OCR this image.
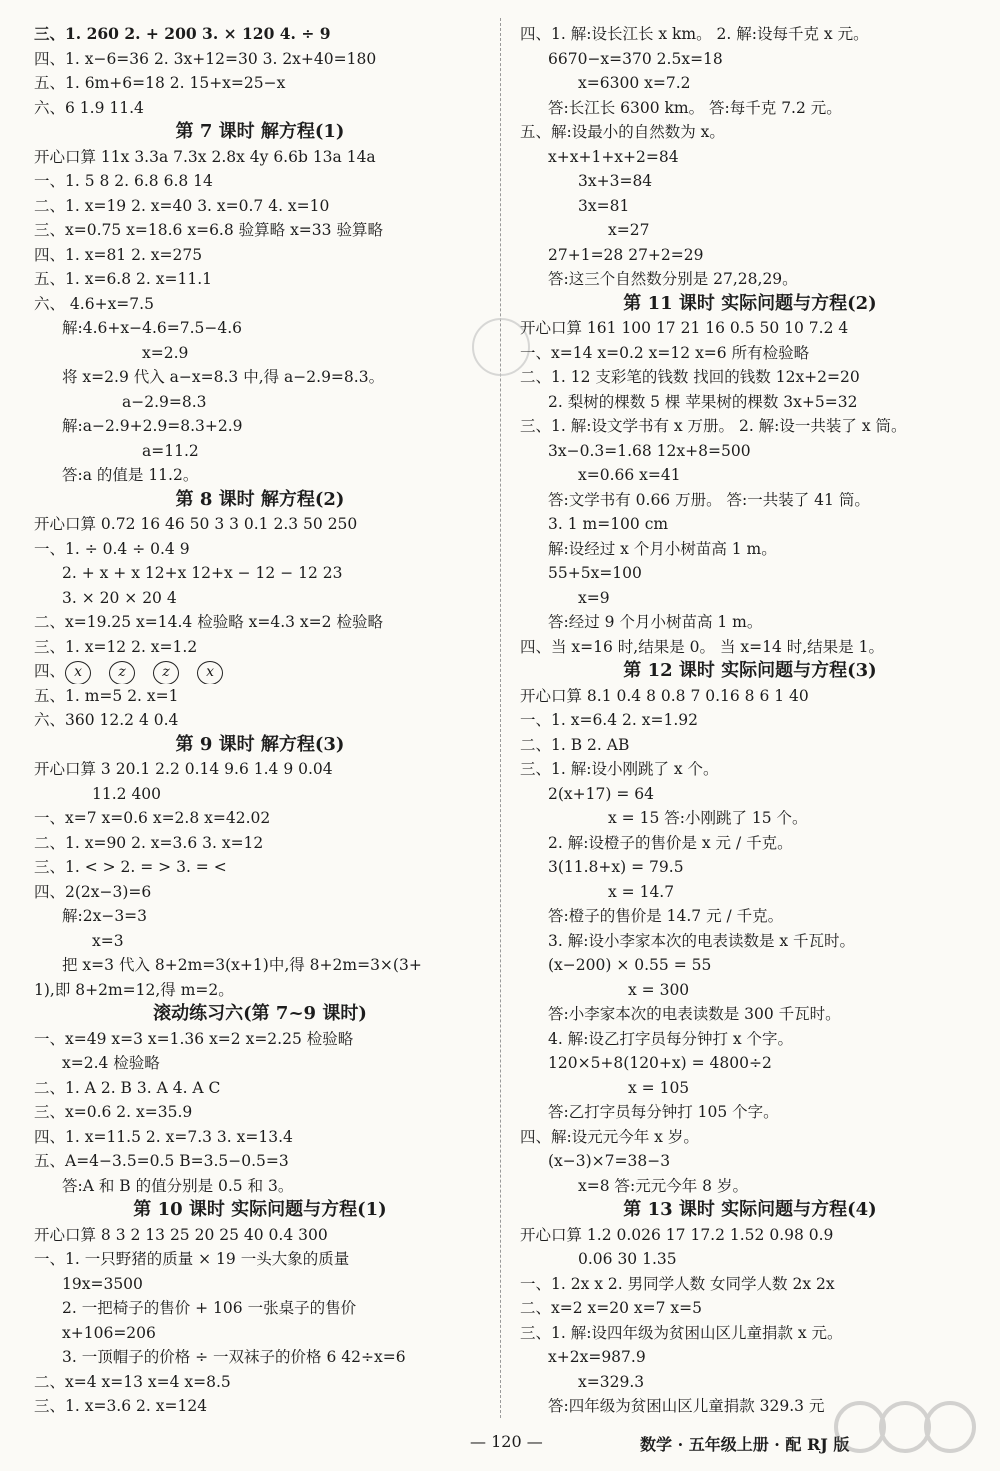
三、1. 260 2. + 200 3. × 120 4. ÷ 9
四、1. x−6=36 2. 3x+12=30 3. 2x+40=180
五、1. 6m+6=18 2. 15+x=25−x
六、6 1.9 11.4
第 7 课时 解方程(1)
开心口算 11x 3.3a 7.3x 2.8x 4y 6.6b 13a 14a
一、1. 5 8 2. 6.8 6.8 14
二、1. x=19 2. x=40 3. x=0.7 4. x=10
三、x=0.75 x=18.6 x=6.8 验算略 x=33 验算略
四、1. x=81 2. x=275
五、1. x=6.8 2. x=11.1
六、 4.6+x=7.5
解:4.6+x−4.6=7.5−4.6
x=2.9
将 x=2.9 代入 a−x=8.3 中,得 a−2.9=8.3。
a−2.9=8.3
解:a−2.9+2.9=8.3+2.9
a=11.2
答:a 的值是 11.2。
第 8 课时 解方程(2)
开心口算 0.72 16 46 50 3 3 0.1 2.3 50 250
一、1. ÷ 0.4 ÷ 0.4 9
2. + x + x 12+x 12+x − 12 − 12 23
3. × 20 × 20 4
二、x=19.25 x=14.4 检验略 x=4.3 x=2 检验略
三、1. x=12 2. x=1.2
四、 x	z	z	x
五、1. m=5 2. x=1
六、360 12.2 4 0.4
第 9 课时 解方程(3)
开心口算 3 20.1 2.2 0.14 9.6 1.4 9 0.04
11.2 400
一、x=7 x=0.6 x=2.8 x=42.02
二、1. x=90 2. x=3.6 3. x=12
三、1. < > 2. = > 3. = <
四、2(2x−3)=6
解:2x−3=3
x=3
把 x=3 代入 8+2m=3(x+1)中,得 8+2m=3×(3+
1),即 8+2m=12,得 m=2。
滚动练习六(第 7~9 课时)
一、x=49 x=3 x=1.36 x=2 x=2.25 检验略
x=2.4 检验略
二、1. A 2. B 3. A 4. A C
三、x=0.6 2. x=35.9
四、1. x=11.5 2. x=7.3 3. x=13.4
五、A=4−3.5=0.5 B=3.5−0.5=3
答:A 和 B 的值分别是 0.5 和 3。
第 10 课时 实际问题与方程(1)
开心口算 8 3 2 13 25 20 25 40 0.4 300
一、1. 一只野猪的质量 × 19 一头大象的质量
19x=3500
2. 一把椅子的售价 + 106 一张桌子的售价
x+106=206
3. 一顶帽子的价格 ÷ 一双袜子的价格 6 42÷x=6
二、x=4 x=13 x=4 x=8.5
三、1. x=3.6 2. x=124
四、1. 解:设长江长 x km。 2. 解:设每千克 x 元。
6670−x=370 2.5x=18
x=6300 x=7.2
答:长江长 6300 km。 答:每千克 7.2 元。
五、解:设最小的自然数为 x。
x+x+1+x+2=84
3x+3=84
3x=81
x=27
27+1=28 27+2=29
答:这三个自然数分别是 27,28,29。
第 11 课时 实际问题与方程(2)
开心口算 161 100 17 21 16 0.5 50 10 7.2 4
一、x=14 x=0.2 x=12 x=6 所有检验略
二、1. 12 支彩笔的钱数 找回的钱数 12x+2=20
2. 梨树的棵数 5 棵 苹果树的棵数 3x+5=32
三、1. 解:设文学书有 x 万册。 2. 解:设一共装了 x 筒。
3x−0.3=1.68 12x+8=500
x=0.66 x=41
答:文学书有 0.66 万册。 答:一共装了 41 筒。
3. 1 m=100 cm
解:设经过 x 个月小树苗高 1 m。
55+5x=100
x=9
答:经过 9 个月小树苗高 1 m。
四、当 x=16 时,结果是 0。 当 x=14 时,结果是 1。
第 12 课时 实际问题与方程(3)
开心口算 8.1 0.4 8 0.8 7 0.16 8 6 1 40
一、1. x=6.4 2. x=1.92
二、1. B 2. AB
三、1. 解:设小刚跳了 x 个。
2(x+17) = 64
x = 15 答:小刚跳了 15 个。
2. 解:设橙子的售价是 x 元 / 千克。
3(11.8+x) = 79.5
x = 14.7
答:橙子的售价是 14.7 元 / 千克。
3. 解:设小李家本次的电表读数是 x 千瓦时。
(x−200) × 0.55 = 55
x = 300
答:小李家本次的电表读数是 300 千瓦时。
4. 解:设乙打字员每分钟打 x 个字。
120×5+8(120+x) = 4800÷2
x = 105
答:乙打字员每分钟打 105 个字。
四、解:设元元今年 x 岁。
(x−3)×7=38−3
x=8 答:元元今年 8 岁。
第 13 课时 实际问题与方程(4)
开心口算 1.2 0.026 17 17.2 1.52 0.98 0.9
0.06 30 1.35
一、1. 2x x 2. 男同学人数 女同学人数 2x 2x
二、x=2 x=20 x=7 x=5
三、1. 解:设四年级为贫困山区儿童捐款 x 元。
x+2x=987.9
x=329.3
答:四年级为贫困山区儿童捐款 329.3 元
— 120 —	数学 · 五年级上册 · 配 RJ 版
